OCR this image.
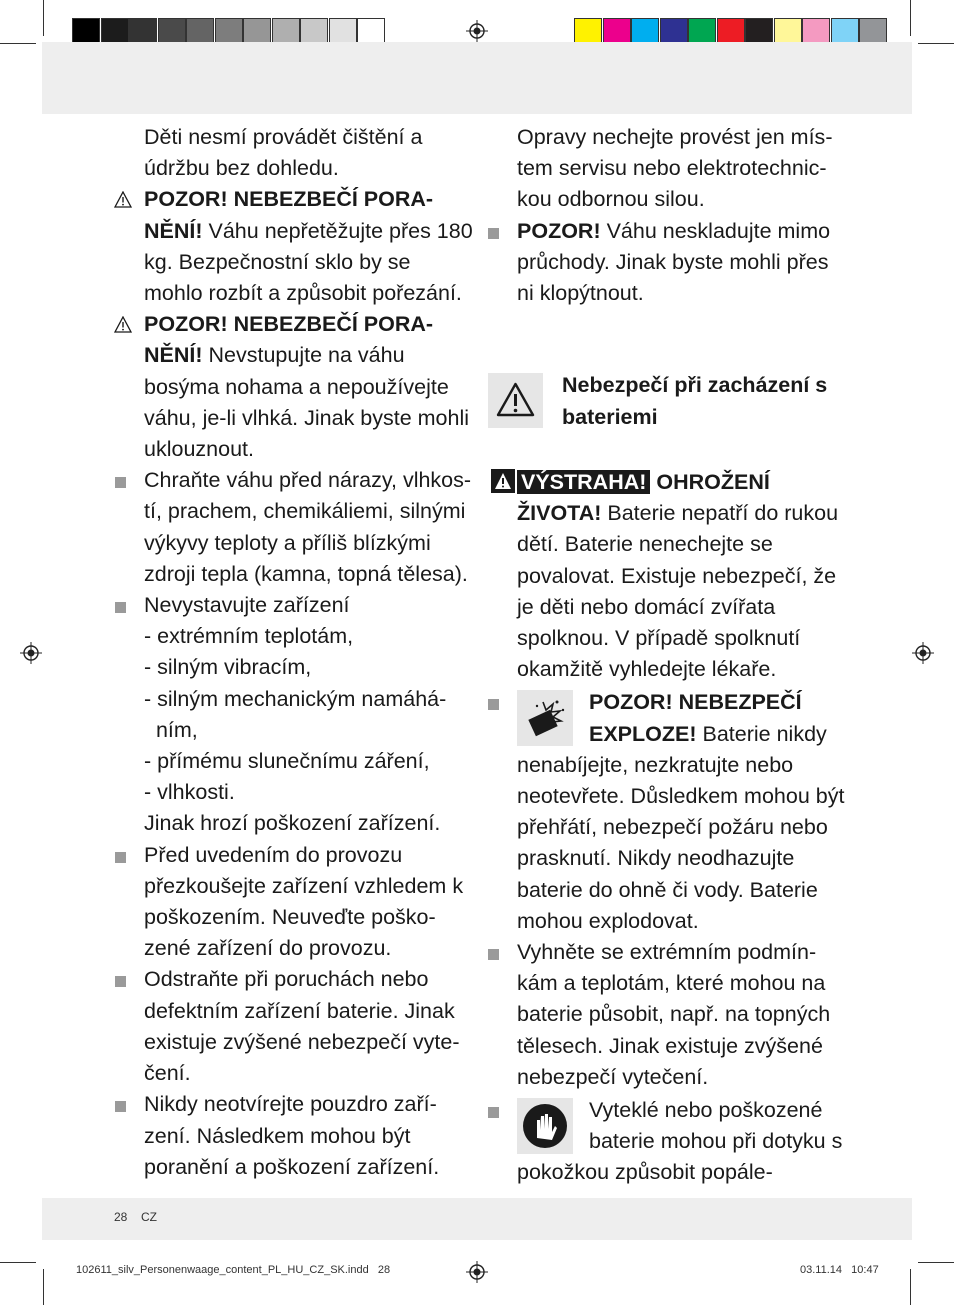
Děti nesmí provádět čištění a údržbu bez dohledu.

POZOR! NEBEZBEČÍ PORANĚNÍ! Váhu nepřetěžujte přes 180 kg. Bezpečnostní sklo by se mohlo rozbít a způsobit pořezání.

POZOR! NEBEZBEČÍ PORANĚNÍ! Nevstupujte na váhu bosýma nohama a nepoužívejte váhu, je-li vlhká. Jinak byste mohli uklouznout.

Chraňte váhu před nárazy, vlhkostí, prachem, chemikáliemi, silnými výkyvy teploty a příliš blízkými zdroji tepla (kamna, topná tělesa).

Nevystavujte zařízení

- extrémním teplotám,

- silným vibracím,

- silným mechanickým namáhá-

ním,

- přímému slunečnímu záření,

- vlhkosti.

Jinak hrozí poškození zařízení.

Před uvedením do provozu přezkoušejte zařízení vzhledem k poškozením. Neuveďte poškozené zařízení do provozu.

Odstraňte při poruchách nebo defektním zařízení baterie. Jinak existuje zvýšené nebezpečí vytečení.

Nikdy neotvírejte pouzdro zařízení. Následkem mohou být poranění a poškození zařízení.

Opravy nechejte provést jen místem servisu nebo elektrotechnickou odbornou silou.

POZOR! Váhu neskladujte mimo průchody. Jinak byste mohli přes ni klopýtnout.

Nebezpečí při zacházení s bateriemi

VÝSTRAHA! OHROŽENÍ ŽIVOTA! Baterie nepatří do rukou dětí. Baterie nenechejte se povalovat. Existuje nebezpečí, že je děti nebo domácí zvířata spolknou. V případě spolknutí okamžitě vyhledejte lékaře.

POZOR! NEBEZPEČÍ EXPLOZE! Baterie nikdy nenabíjejte, nezkratujte nebo neotevřete. Důsledkem mohou být přehřátí, nebezpečí požáru nebo prasknutí. Nikdy neodhazujte baterie do ohně či vody. Baterie mohou explodovat.

Vyhněte se extrémním podmínkám a teplotám, které mohou na baterie působit, např. na topných tělesech. Jinak existuje zvýšené nebezpečí vytečení.

Vyteklé nebo poškozené baterie mohou při dotyku s pokožkou způsobit popále-

28 CZ
102611_silv_Personenwaage_content_PL_HU_CZ_SK.indd   28	03.11.14   10:47
